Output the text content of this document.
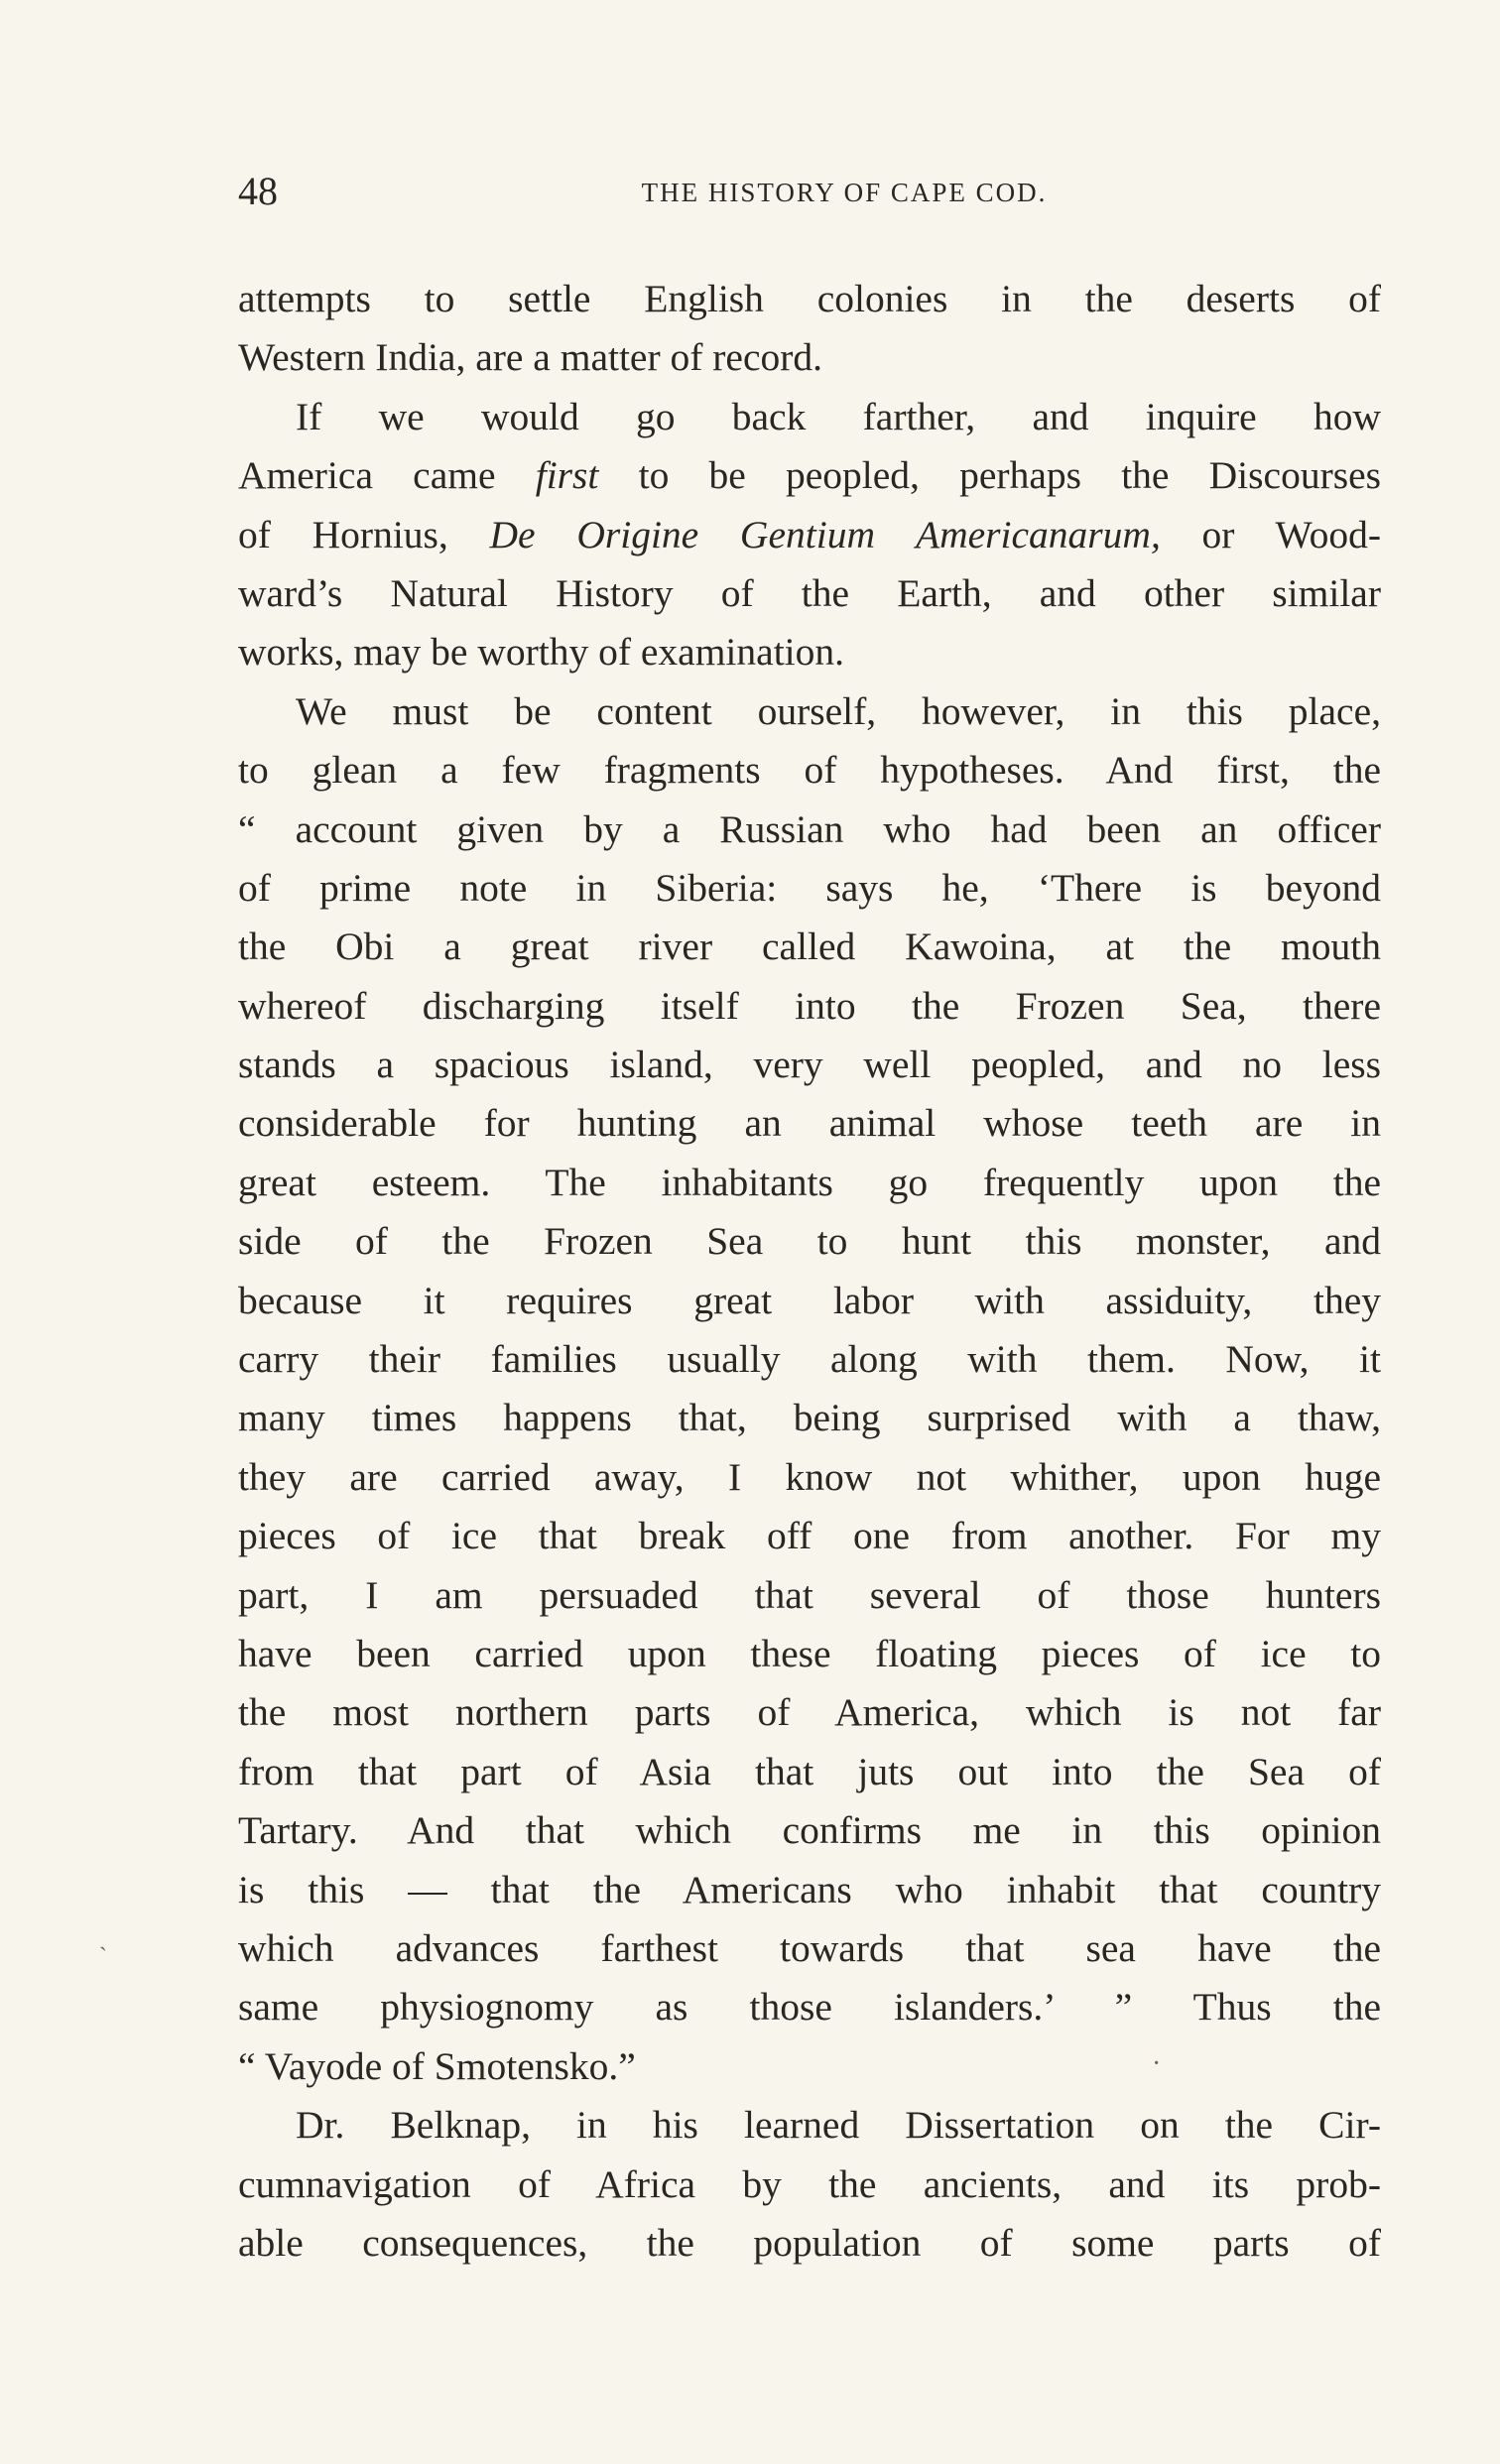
48	THE HISTORY OF CAPE COD.
attempts to settle English colonies in the deserts of
Western India, are a matter of record.
If we would go back farther, and inquire how
America came first to be peopled, perhaps the Discourses
of Hornius, De Origine Gentium Americanarum, or Wood-
ward’s Natural History of the Earth, and other similar
works, may be worthy of examination.
We must be content ourself, however, in this place,
to glean a few fragments of hypotheses. And first, the
“ account given by a Russian who had been an officer
of prime note in Siberia: says he, ‘There is beyond
the Obi a great river called Kawoina, at the mouth
whereof discharging itself into the Frozen Sea, there
stands a spacious island, very well peopled, and no less
considerable for hunting an animal whose teeth are in
great esteem. The inhabitants go frequently upon the
side of the Frozen Sea to hunt this monster, and
because it requires great labor with assiduity, they
carry their families usually along with them. Now, it
many times happens that, being surprised with a thaw,
they are carried away, I know not whither, upon huge
pieces of ice that break off one from another. For my
part, I am persuaded that several of those hunters
have been carried upon these floating pieces of ice to
the most northern parts of America, which is not far
from that part of Asia that juts out into the Sea of
Tartary. And that which confirms me in this opinion
is this — that the Americans who inhabit that country
which advances farthest towards that sea have the
same physiognomy as those islanders.’ ” Thus the
“ Vayode of Smotensko.”
Dr. Belknap, in his learned Dissertation on the Cir-
cumnavigation of Africa by the ancients, and its prob-
able consequences, the population of some parts of
ˎ
·
